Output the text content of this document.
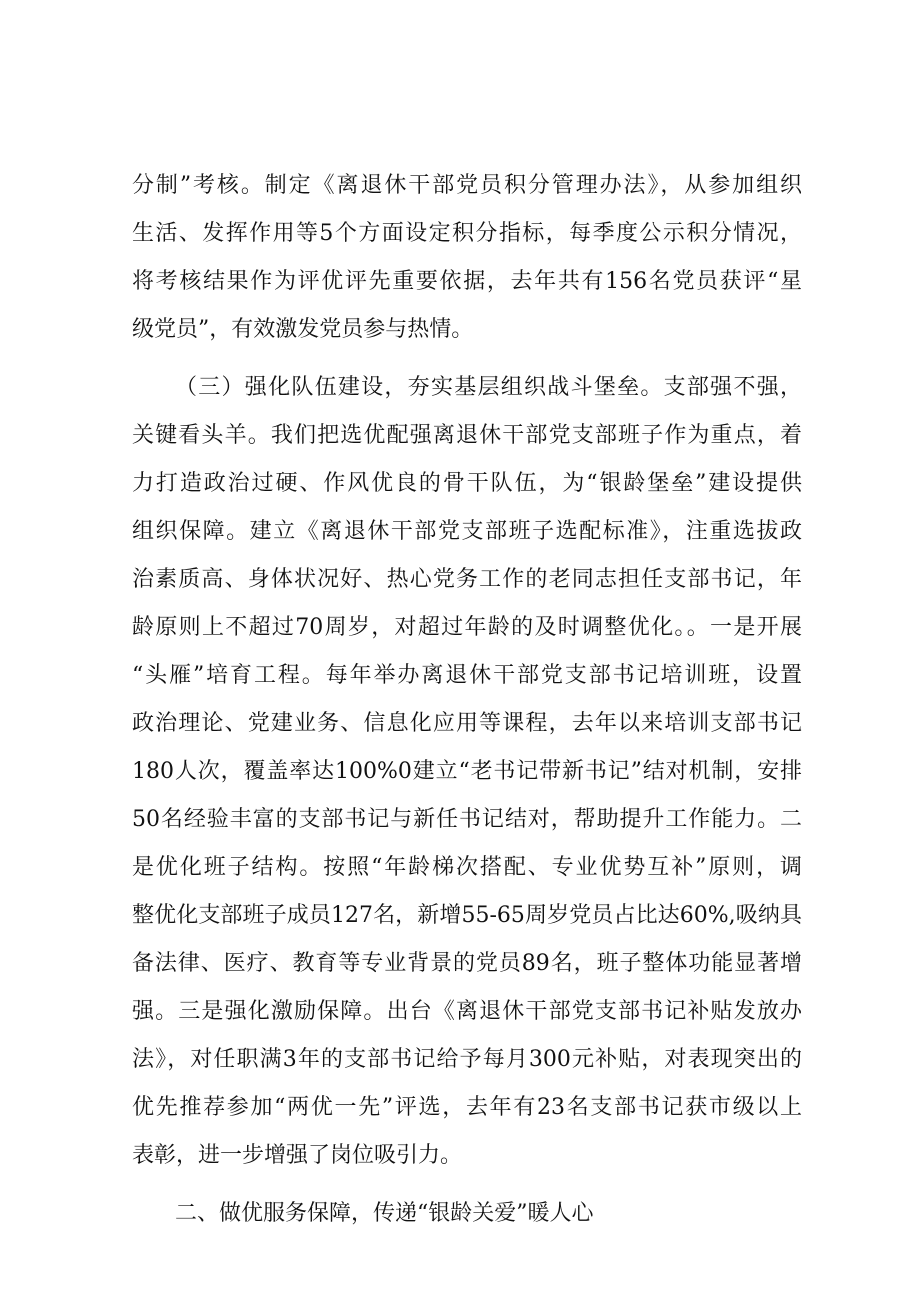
分制”考核。制定《离退休干部党员积分管理办法》，从参加组织
生活、发挥作用等5个方面设定积分指标，每季度公示积分情况，
将考核结果作为评优评先重要依据，去年共有156名党员获评“星
级党员”，有效激发党员参与热情。
（三）强化队伍建设，夯实基层组织战斗堡垒。支部强不强，
关键看头羊。我们把选优配强离退休干部党支部班子作为重点，着
力打造政治过硬、作风优良的骨干队伍，为“银龄堡垒”建设提供
组织保障。建立《离退休干部党支部班子选配标准》，注重选拔政
治素质高、身体状况好、热心党务工作的老同志担任支部书记，年
龄原则上不超过70周岁，对超过年龄的及时调整优化。。一是开展
“头雁”培育工程。每年举办离退休干部党支部书记培训班，设置
政治理论、党建业务、信息化应用等课程，去年以来培训支部书记
180人次，覆盖率达100%0建立“老书记带新书记”结对机制，安排
50名经验丰富的支部书记与新任书记结对，帮助提升工作能力。二
是优化班子结构。按照“年龄梯次搭配、专业优势互补”原则，调
整优化支部班子成员127名，新增55-65周岁党员占比达60%,吸纳具
备法律、医疗、教育等专业背景的党员89名，班子整体功能显著增
强。三是强化激励保障。出台《离退休干部党支部书记补贴发放办
法》，对任职满3年的支部书记给予每月300元补贴，对表现突出的
优先推荐参加“两优一先”评选，去年有23名支部书记获市级以上
表彰，进一步增强了岗位吸引力。
二、做优服务保障，传递“银龄关爱”暖人心
